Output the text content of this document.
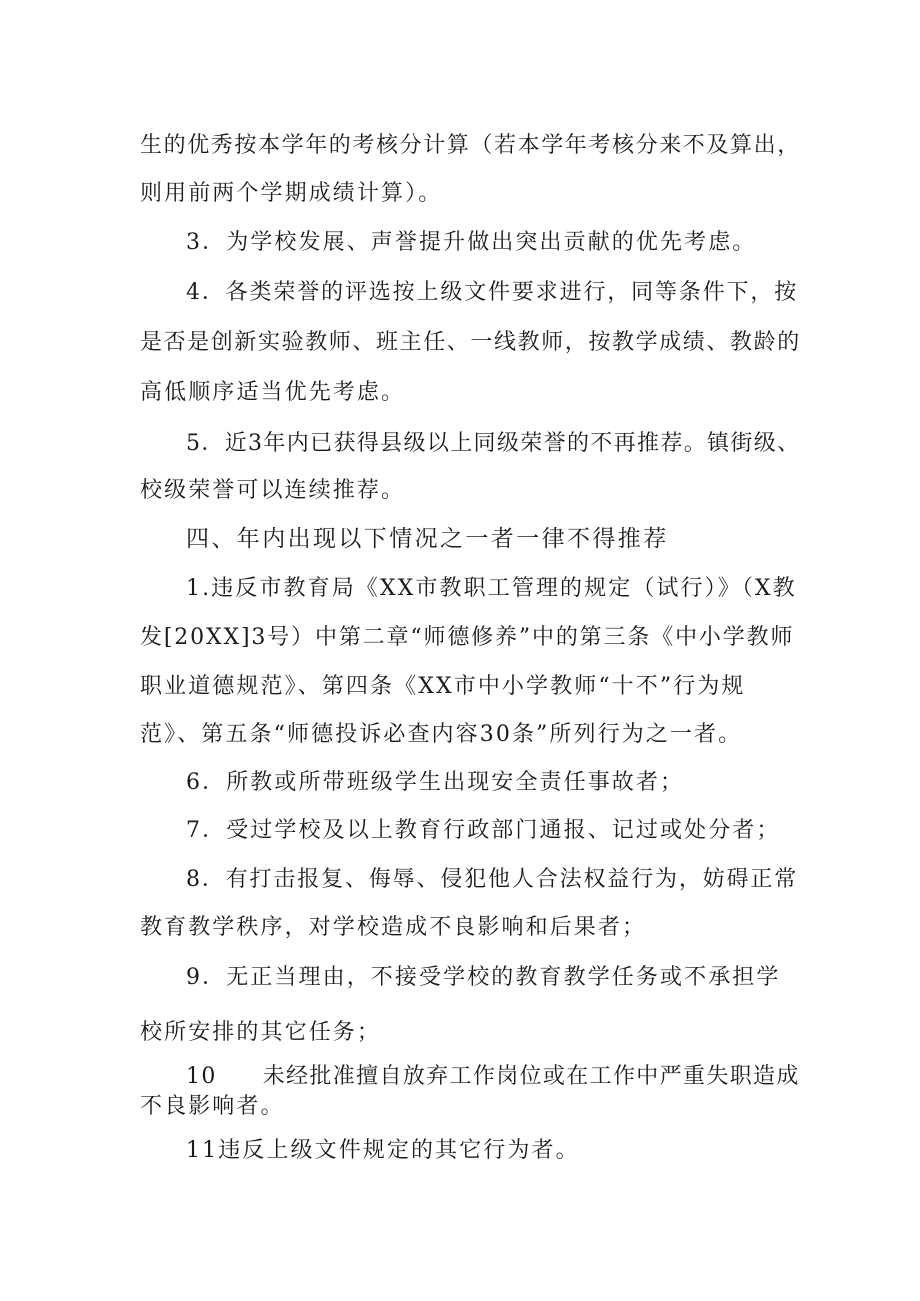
生的优秀按本学年的考核分计算（若本学年考核分来不及算出，
则用前两个学期成绩计算）。
3．为学校发展、声誉提升做出突出贡献的优先考虑。
4．各类荣誉的评选按上级文件要求进行，同等条件下，按
是否是创新实验教师、班主任、一线教师，按教学成绩、教龄的
高低顺序适当优先考虑。
5．近3年内已获得县级以上同级荣誉的不再推荐。镇街级、
校级荣誉可以连续推荐。
四、年内出现以下情况之一者一律不得推荐
1.违反市教育局《XX市教职工管理的规定（试行）》（X教
发[20XX]3号）中第二章“师德修养”中的第三条《中小学教师
职业道德规范》、第四条《XX市中小学教师“十不”行为规
范》、第五条“师德投诉必查内容30条”所列行为之一者。
6．所教或所带班级学生出现安全责任事故者；
7．受过学校及以上教育行政部门通报、记过或处分者；
8．有打击报复、侮辱、侵犯他人合法权益行为，妨碍正常
教育教学秩序，对学校造成不良影响和后果者；
9．无正当理由，不接受学校的教育教学任务或不承担学
校所安排的其它任务；
10 未经批准擅自放弃工作岗位或在工作中严重失职造成
不良影响者。
11违反上级文件规定的其它行为者。
